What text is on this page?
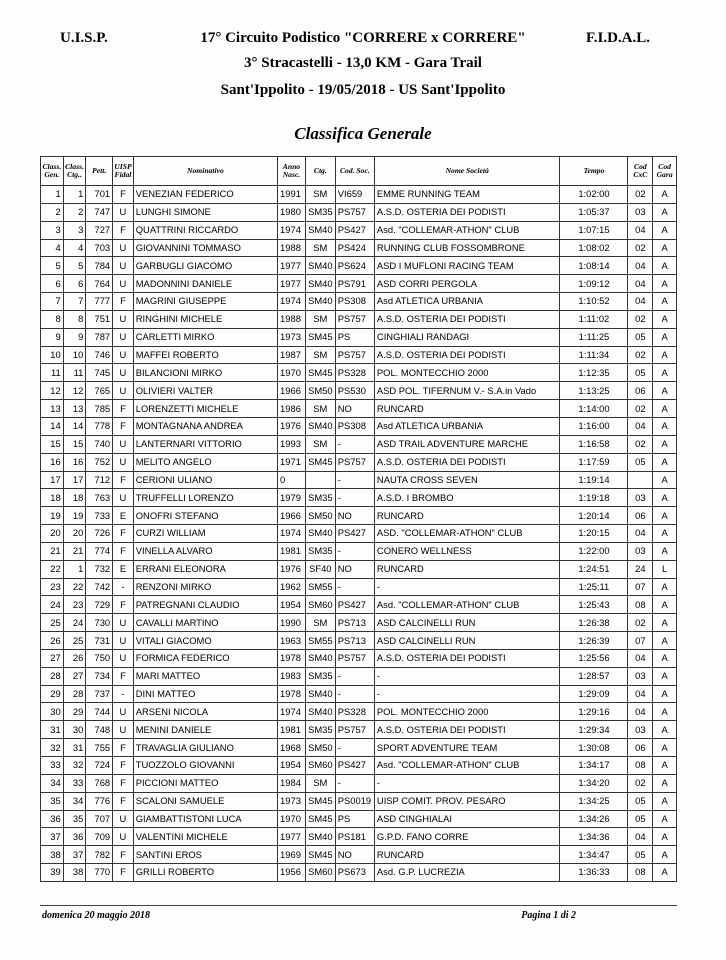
U.I.S.P.	17° Circuito Podistico "CORRERE x CORRERE"	F.I.D.A.L.
3° Stracastelli - 13,0 KM - Gara Trail
Sant'Ippolito - 19/05/2018 - US Sant'Ippolito
Classifica Generale
Class. Gen.	Class. Ctg..	Pett.	UISP Fidal	Nominativo	Anno Nasc.	Ctg.	Cod. Soc.	Nome Società	Tempo	Cod CxC	Cod Gara
1	1	701	F	VENEZIAN FEDERICO	1991	SM	VI659	EMME RUNNING TEAM	1:02:00	02	A
2	2	747	U	LUNGHI SIMONE	1980	SM35	PS757	A.S.D. OSTERIA DEI PODISTI	1:05:37	03	A
3	3	727	F	QUATTRINI RICCARDO	1974	SM40	PS427	Asd. "COLLEMAR-ATHON" CLUB	1:07:15	04	A
4	4	703	U	GIOVANNINI TOMMASO	1988	SM	PS424	RUNNING CLUB FOSSOMBRONE	1:08:02	02	A
5	5	784	U	GARBUGLI GIACOMO	1977	SM40	PS624	ASD I MUFLONI RACING TEAM	1:08:14	04	A
6	6	764	U	MADONNINI DANIELE	1977	SM40	PS791	ASD CORRI PERGOLA	1:09:12	04	A
7	7	777	F	MAGRINI GIUSEPPE	1974	SM40	PS308	Asd ATLETICA URBANIA	1:10:52	04	A
8	8	751	U	RINGHINI MICHELE	1988	SM	PS757	A.S.D. OSTERIA DEI PODISTI	1:11:02	02	A
9	9	787	U	CARLETTI MIRKO	1973	SM45	PS	CINGHIALI RANDAGI	1:11:25	05	A
10	10	746	U	MAFFEI ROBERTO	1987	SM	PS757	A.S.D. OSTERIA DEI PODISTI	1:11:34	02	A
11	11	745	U	BILANCIONI MIRKO	1970	SM45	PS328	POL. MONTECCHIO 2000	1:12:35	05	A
12	12	765	U	OLIVIERI VALTER	1966	SM50	PS530	ASD POL. TIFERNUM V.- S.A.in Vado	1:13:25	06	A
13	13	785	F	LORENZETTI MICHELE	1986	SM	NO	RUNCARD	1:14:00	02	A
14	14	778	F	MONTAGNANA ANDREA	1976	SM40	PS308	Asd ATLETICA URBANIA	1:16:00	04	A
15	15	740	U	LANTERNARI VITTORIO	1993	SM	-	ASD TRAIL ADVENTURE MARCHE	1:16:58	02	A
16	16	752	U	MELITO ANGELO	1971	SM45	PS757	A.S.D. OSTERIA DEI PODISTI	1:17:59	05	A
17	17	712	F	CERIONI ULIANO	0		-	NAUTA CROSS SEVEN	1:19:14		A
18	18	763	U	TRUFFELLI LORENZO	1979	SM35	-	A.S.D. I BROMBO	1:19:18	03	A
19	19	733	E	ONOFRI STEFANO	1966	SM50	NO	RUNCARD	1:20:14	06	A
20	20	726	F	CURZI WILLIAM	1974	SM40	PS427	ASD. "COLLEMAR-ATHON" CLUB	1:20:15	04	A
21	21	774	F	VINELLA ALVARO	1981	SM35	-	CONERO WELLNESS	1:22:00	03	A
22	1	732	E	ERRANI ELEONORA	1976	SF40	NO	RUNCARD	1:24:51	24	L
23	22	742	-	RENZONI MIRKO	1962	SM55	-	-	1:25:11	07	A
24	23	729	F	PATREGNANI CLAUDIO	1954	SM60	PS427	Asd. "COLLEMAR-ATHON" CLUB	1:25:43	08	A
25	24	730	U	CAVALLI MARTINO	1990	SM	PS713	ASD CALCINELLI RUN	1:26:38	02	A
26	25	731	U	VITALI GIACOMO	1963	SM55	PS713	ASD CALCINELLI RUN	1:26:39	07	A
27	26	750	U	FORMICA FEDERICO	1978	SM40	PS757	A.S.D. OSTERIA DEI PODISTI	1:25:56	04	A
28	27	734	F	MARI MATTEO	1983	SM35	-	-	1:28:57	03	A
29	28	737	-	DINI MATTEO	1978	SM40	-	-	1:29:09	04	A
30	29	744	U	ARSENI NICOLA	1974	SM40	PS328	POL. MONTECCHIO 2000	1:29:16	04	A
31	30	748	U	MENINI DANIELE	1981	SM35	PS757	A.S.D. OSTERIA DEI PODISTI	1:29:34	03	A
32	31	755	F	TRAVAGLIA GIULIANO	1968	SM50	-	SPORT ADVENTURE TEAM	1:30:08	06	A
33	32	724	F	TUOZZOLO GIOVANNI	1954	SM60	PS427	Asd. "COLLEMAR-ATHON" CLUB	1:34:17	08	A
34	33	768	F	PICCIONI MATTEO	1984	SM	-	-	1:34:20	02	A
35	34	776	F	SCALONI SAMUELE	1973	SM45	PS0019	UISP COMIT. PROV. PESARO	1:34:25	05	A
36	35	707	U	GIAMBATTISTONI LUCA	1970	SM45	PS	ASD CINGHIALAI	1:34:26	05	A
37	36	709	U	VALENTINI MICHELE	1977	SM40	PS181	G.P.D. FANO CORRE	1:34:36	04	A
38	37	782	F	SANTINI EROS	1969	SM45	NO	RUNCARD	1:34:47	05	A
39	38	770	F	GRILLI ROBERTO	1956	SM60	PS673	Asd. G.P. LUCREZIA	1:36:33	08	A
domenica 20 maggio 2018	Pagina 1 di 2
